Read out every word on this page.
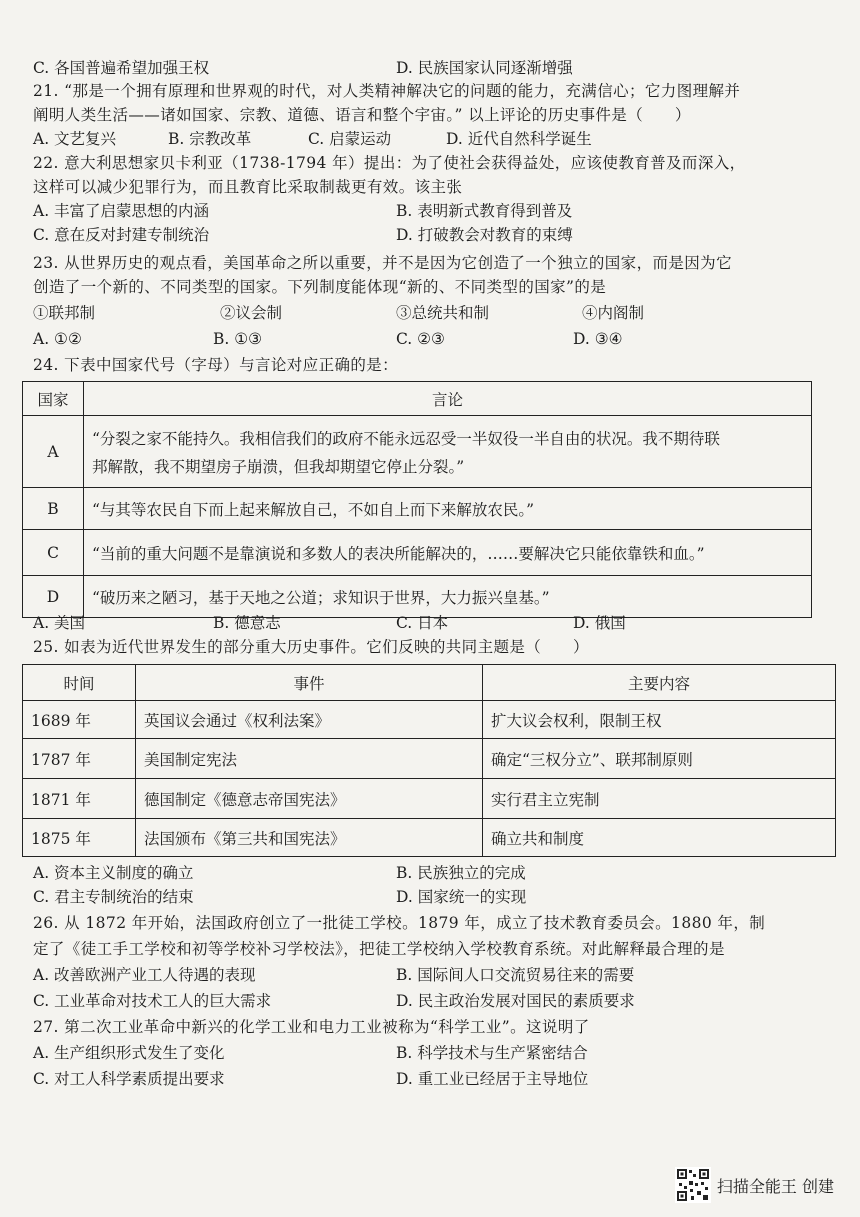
C. 各国普遍希望加强王权	D. 民族国家认同逐渐增强
21. “那是一个拥有原理和世界观的时代，对人类精神解决它的问题的能力，充满信心；它力图理解并
阐明人类生活——诸如国家、宗教、道德、语言和整个宇宙。” 以上评论的历史事件是（　　）
A. 文艺复兴	B. 宗教改革	C. 启蒙运动	D. 近代自然科学诞生
22. 意大利思想家贝卡利亚（1738-1794 年）提出：为了使社会获得益处，应该使教育普及而深入，
这样可以减少犯罪行为，而且教育比采取制裁更有效。该主张
A. 丰富了启蒙思想的内涵	B. 表明新式教育得到普及
C. 意在反对封建专制统治	D. 打破教会对教育的束缚
23. 从世界历史的观点看，美国革命之所以重要，并不是因为它创造了一个独立的国家，而是因为它
创造了一个新的、不同类型的国家。下列制度能体现“新的、不同类型的国家”的是
①联邦制	②议会制	③总统共和制	④内阁制
A. ①②	B. ①③	C. ②③	D. ③④
24. 下表中国家代号（字母）与言论对应正确的是：
国家	言论
A	“分裂之家不能持久。我相信我们的政府不能永远忍受一半奴役一半自由的状况。我不期待联
邦解散，我不期望房子崩溃，但我却期望它停止分裂。”

B	“与其等农民自下而上起来解放自己，不如自上而下来解放农民。”
C	“当前的重大问题不是靠演说和多数人的表决所能解决的，……要解决它只能依靠铁和血。”
D	“破历来之陋习，基于天地之公道；求知识于世界，大力振兴皇基。”
A. 美国	B. 德意志	C. 日本	D. 俄国
25. 如表为近代世界发生的部分重大历史事件。它们反映的共同主题是（　　）
时间	事件	主要内容
1689 年	英国议会通过《权利法案》	扩大议会权利，限制王权
1787 年	美国制定宪法	确定“三权分立”、联邦制原则
1871 年	德国制定《德意志帝国宪法》	实行君主立宪制
1875 年	法国颁布《第三共和国宪法》	确立共和制度
A. 资本主义制度的确立	B. 民族独立的完成
C. 君主专制统治的结束	D. 国家统一的实现
26. 从 1872 年开始，法国政府创立了一批徒工学校。1879 年，成立了技术教育委员会。1880 年，制
定了《徒工手工学校和初等学校补习学校法》，把徒工学校纳入学校教育系统。对此解释最合理的是
A. 改善欧洲产业工人待遇的表现	B. 国际间人口交流贸易往来的需要
C. 工业革命对技术工人的巨大需求	D. 民主政治发展对国民的素质要求
27. 第二次工业革命中新兴的化学工业和电力工业被称为“科学工业”。这说明了
A. 生产组织形式发生了变化	B. 科学技术与生产紧密结合
C. 对工人科学素质提出要求	D. 重工业已经居于主导地位
扫描全能王 创建
